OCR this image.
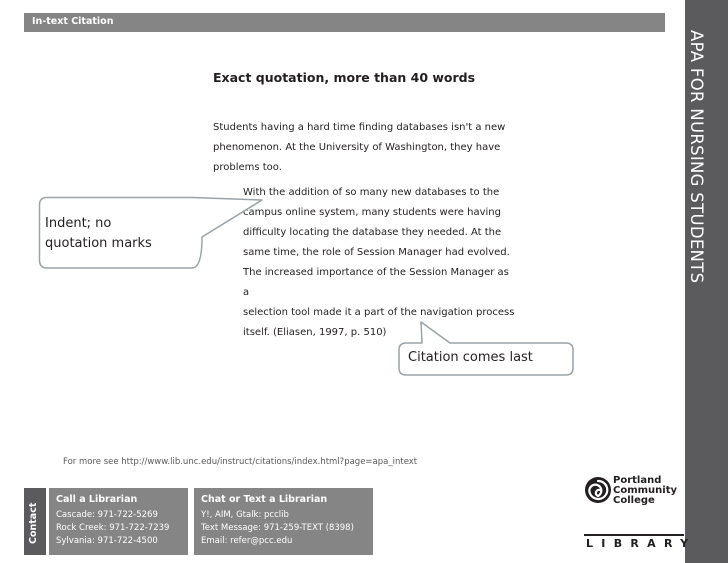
In-text Citation
APA FOR NURSING STUDENTS
Exact quotation, more than 40 words
Students having a hard time finding databases isn't a new
phenomenon. At the University of Washington, they have
problems too.
With the addition of so many new databases to the
campus online system, many students were having
difficulty locating the database they needed. At the
same time, the role of Session Manager had evolved.
The increased importance of the Session Manager as a
selection tool made it a part of the navigation process
itself. (Eliasen, 1997, p. 510)
Indent; no
quotation marks
Citation comes last
For more see http://www.lib.unc.edu/instruct/citations/index.html?page=apa_intext
Contact
Call a Librarian
Cascade: 971-722-5269
Rock Creek: 971-722-7239
Sylvania: 971-722-4500
Chat or Text a Librarian
Y!, AIM, Gtalk: pcclib
Text Message: 971-259-TEXT (8398)
Email: refer@pcc.edu
Portland
Community
College
LIBRARY
